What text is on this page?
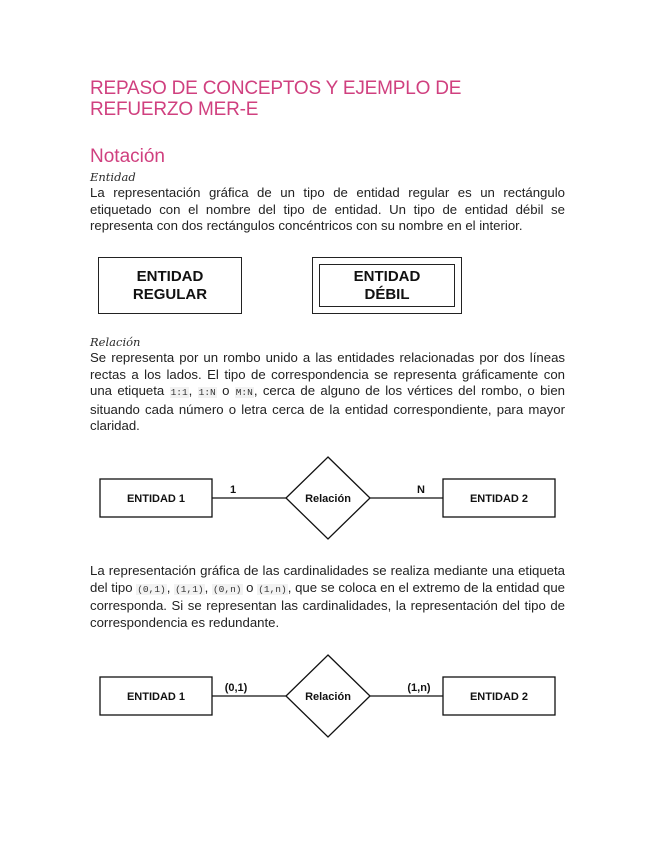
REPASO DE CONCEPTOS Y EJEMPLO DE REFUERZO MER-E
Notación
Entidad
La representación gráfica de un tipo de entidad regular es un rectángulo etiquetado con el nombre del tipo de entidad. Un tipo de entidad débil se representa con dos rectángulos concéntricos con su nombre en el interior.
ENTIDAD
REGULAR
ENTIDAD
DÉBIL
Relación
Se representa por un rombo unido a las entidades relacionadas por dos líneas rectas a los lados. El tipo de correspondencia se representa gráficamente con una etiqueta 1:1, 1:N o M:N, cerca de alguno de los vértices del rombo, o bien situando cada número o letra cerca de la entidad correspondiente, para mayor claridad.
ENTIDAD 1	ENTIDAD 2
Relación
1	N
La representación gráfica de las cardinalidades se realiza mediante una etiqueta del tipo (0,1), (1,1), (0,n) o (1,n), que se coloca en el extremo de la entidad que corresponda. Si se representan las cardinalidades, la representación del tipo de correspondencia es redundante.
ENTIDAD 1	ENTIDAD 2
Relación
(0,1)	(1,n)
